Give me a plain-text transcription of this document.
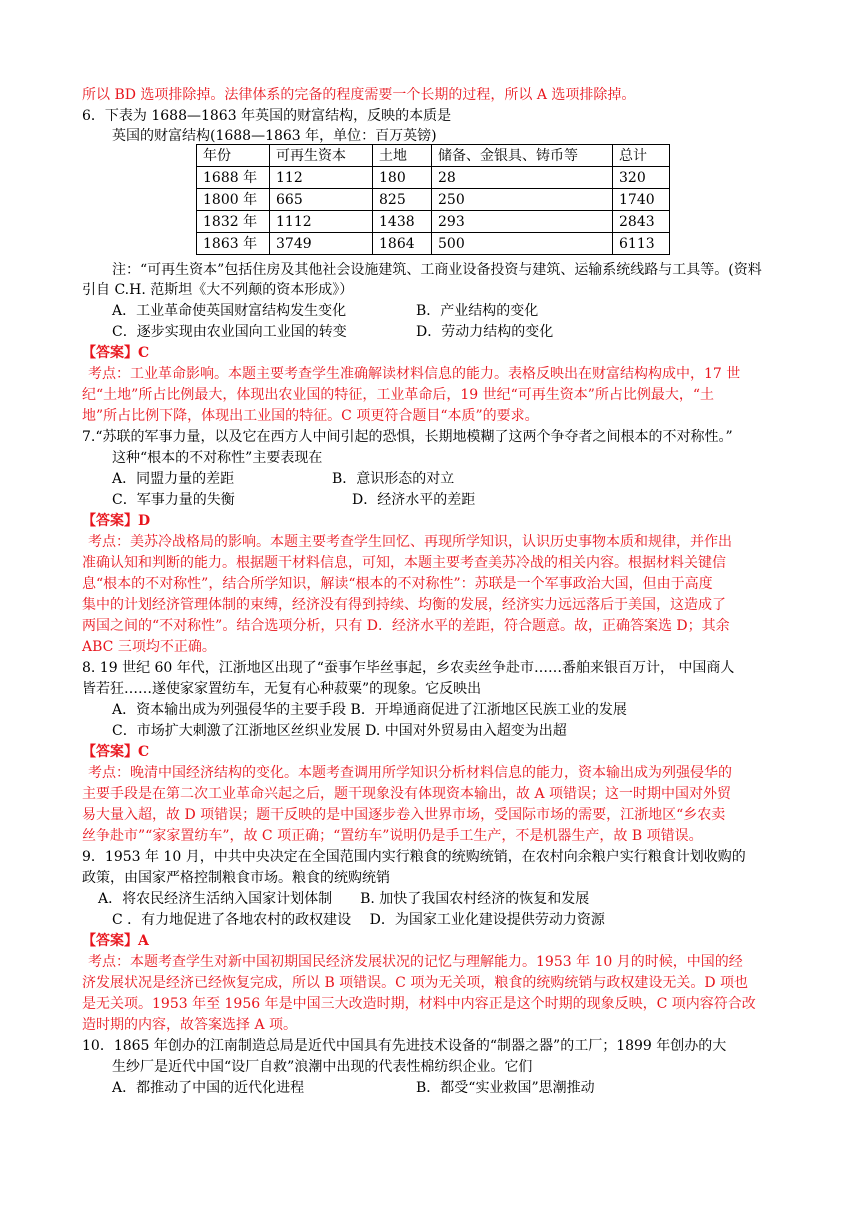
所以 BD 选项排除掉。法律体系的完备的程度需要一个长期的过程，所以 A 选项排除掉。
6．下表为 1688—1863 年英国的财富结构，反映的本质是
英国的财富结构(1688—1863 年，单位：百万英镑)
年份	可再生资本	土地	储备、金银具、铸币等	总计
1688 年	112	180	28	320
1800 年	665	825	250	1740
1832 年	1112	1438	293	2843
1863 年	3749	1864	500	6113
注：“可再生资本”包括住房及其他社会设施建筑、工商业设备投资与建筑、运输系统线路与工具等。(资料
引自 C.H. 范斯坦《大不列颠的资本形成》）
A．工业革命使英国财富结构发生变化	B．产业结构的变化
C．逐步实现由农业国向工业国的转变	D．劳动力结构的变化
【答案】C
考点：工业革命影响。本题主要考查学生准确解读材料信息的能力。表格反映出在财富结构构成中，17 世
纪“土地”所占比例最大，体现出农业国的特征，工业革命后，19 世纪“可再生资本”所占比例最大，“土
地”所占比例下降，体现出工业国的特征。C 项更符合题目“本质”的要求。
7.“苏联的军事力量，以及它在西方人中间引起的恐惧，长期地模糊了这两个争夺者之间根本的不对称性。”
这种“根本的不对称性”主要表现在
A．同盟力量的差距	B．意识形态的对立
C．军事力量的失衡	D．经济水平的差距
【答案】D
考点：美苏冷战格局的影响。本题主要考查学生回忆、再现所学知识，认识历史事物本质和规律，并作出
准确认知和判断的能力。根据题干材料信息，可知，本题主要考查美苏冷战的相关内容。根据材料关键信
息“根本的不对称性”，结合所学知识，解读“根本的不对称性”：苏联是一个军事政治大国，但由于高度
集中的计划经济管理体制的束缚，经济没有得到持续、均衡的发展，经济实力远远落后于美国，这造成了
两国之间的“不对称性”。结合选项分析，只有 D．经济水平的差距，符合题意。故，正确答案选 D；其余
ABC 三项均不正确。
8. 19 世纪 60 年代，江浙地区出现了“蚕事乍毕丝事起，乡农卖丝争赴市……番舶来银百万计， 中国商人
皆若狂……遂使家家置纺车，无复有心种菽粟”的现象。它反映出
A．资本输出成为列强侵华的主要手段 B．开埠通商促进了江浙地区民族工业的发展
C．市场扩大刺激了江浙地区丝织业发展 D. 中国对外贸易由入超变为出超
【答案】C
考点：晚清中国经济结构的变化。本题考查调用所学知识分析材料信息的能力，资本输出成为列强侵华的
主要手段是在第二次工业革命兴起之后，题干现象没有体现资本输出，故 A 项错误；这一时期中国对外贸
易大量入超，故 D 项错误；题干反映的是中国逐步卷入世界市场，受国际市场的需要，江浙地区“乡农卖
丝争赴市”“家家置纺车”，故 C 项正确；“置纺车”说明仍是手工生产，不是机器生产，故 B 项错误。
9．1953 年 10 月，中共中央决定在全国范围内实行粮食的统购统销，在农村向余粮户实行粮食计划收购的
政策，由国家严格控制粮食市场。粮食的统购统销
A．将农民经济生活纳入国家计划体制　　B. 加快了我国农村经济的恢复和发展
C ．有力地促进了各地农村的政权建设　 D．为国家工业化建设提供劳动力资源
【答案】A
考点：本题考查学生对新中国初期国民经济发展状况的记忆与理解能力。1953 年 10 月的时候，中国的经
济发展状况是经济已经恢复完成，所以 B 项错误。C 项为无关项，粮食的统购统销与政权建设无关。D 项也
是无关项。1953 年至 1956 年是中国三大改造时期，材料中内容正是这个时期的现象反映，C 项内容符合改
造时期的内容，故答案选择 A 项。
10．1865 年创办的江南制造总局是近代中国具有先进技术设备的“制器之器”的工厂；1899 年创办的大
生纱厂是近代中国“设厂自救”浪潮中出现的代表性棉纺织企业。它们
A．都推动了中国的近代化进程	B．都受“实业救国”思潮推动
